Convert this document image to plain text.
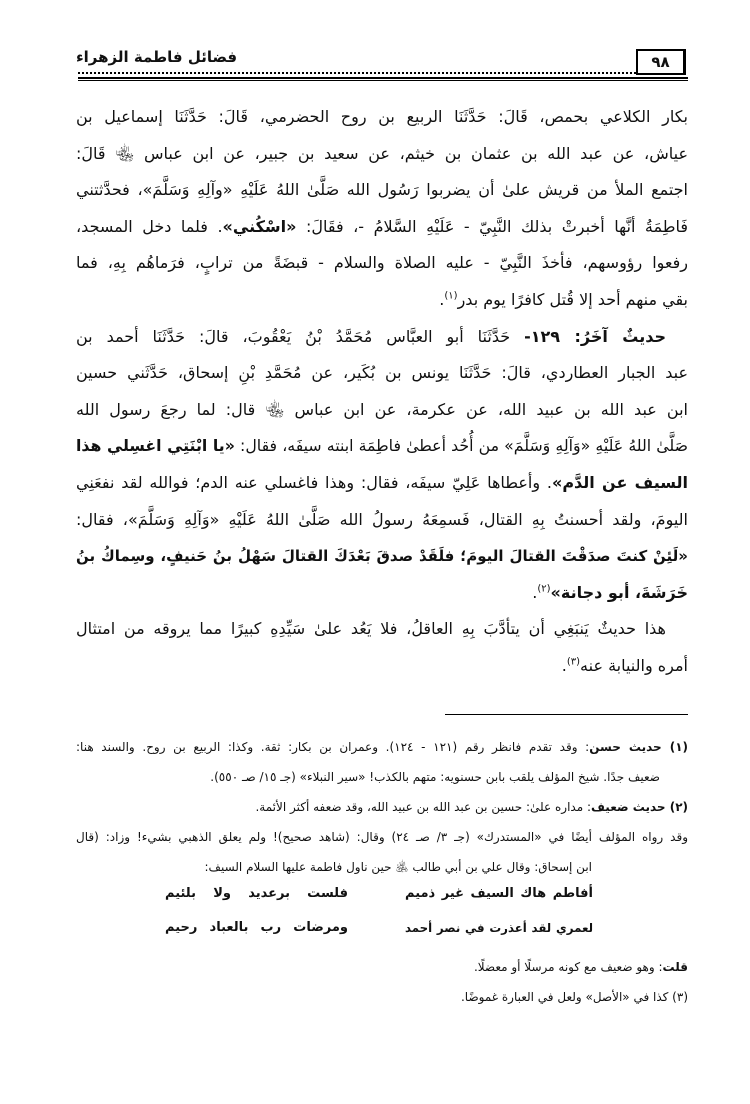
فضائل فاطمة الزهراء	٩٨
بكار الكلاعي بحمص، قَالَ: حَدَّثَنَا الربيع بن روح الحضرمي، قَالَ: حَدَّثَنَا إسماعيل بن
عياش، عن عبد الله بن عثمان بن خيثم، عن سعيد بن جبير، عن ابن عباس ﵄ قَالَ:
اجتمع الملأ من قريش علىٰ أن يضربوا رَسُول الله صَلَّىٰ اللهُ عَلَيْهِ «وآلِهِ وَسَلَّمَ»، فحدَّثتني
فَاطِمَةُ أنَّها أخبرتْ بذلك النَّبِيّ - عَلَيْهِ السَّلامُ -، فقَالَ: «اسْكُني». فلما دخل المسجد،
رفعوا رؤوسهم، فأخذَ النَّبِيّ - عليه الصلاة والسلام - قبضَةً من ترابٍ، فرَماهُم بِهِ، فما
بقي منهم أحد إلا قُتل كافرًا يوم بدر$^{(١)}$.
حديثٌ آخَرُ: ١٢٩- حَدَّثَنَا أبو العبَّاس مُحَمَّدُ بْنُ يَعْقُوبَ، قالَ: حَدَّثَنَا أحمد بن
عبد الجبار العطاردي، قالَ: حَدَّثَنَا يونس بن بُكَير، عن مُحَمَّدِ بْنِ إسحاق، حَدَّثَني حسين
ابن عبد الله بن عبيد الله، عن عكرمة، عن ابن عباس ﵄ قال: لما رجعَ رسول الله
صَلَّىٰ اللهُ عَلَيْهِ «وَآلِهِ وَسَلَّمَ» من أُحُد أعطىٰ فاطِمَة ابنته سيفَه، فقال: «يا ابْنَتِي اغسِلي هذا
السيف عن الدَّم». وأعطاها عَلِيّ سيفَه، فقال: وهذا فاغسلي عنه الدم؛ فوالله لقد نفعَنِي
اليومَ، ولقد أحسنتُ بِهِ القتال، فَسمِعَهُ رسولُ الله صَلَّىٰ اللهُ عَلَيْهِ «وَآلِهِ وَسَلَّمَ»، فقال:
«لَئِنْ كنتَ صدَقْتَ القتالَ اليومَ؛ فلَقَدْ صدقَ بَعْدَكَ القتالَ سَهْلُ بنُ حَنيفٍ، وسِماكُ بنُ
خَرَشَةَ، أبو دجانة»$^{(٢)}$.
هذا حديثٌ يَنبَغِي أن يتأدَّبَ بِهِ العاقلُ، فلا يَعُد علىٰ سَيِّدِهِ كبيرًا مما يروقه من امتثال
أمره والنيابة عنه$^{(٣)}$.
(١) حديث حسن: وقد تقدم فانظر رقم (١٢١ - ١٢٤). وعمران بن بكار: ثقة. وكذا: الربيع بن روح. والسند هنا:
ضعيف جدًا. شيخ المؤلف يلقب بابن حسنويه: متهم بالكذب! «سير النبلاء» (جـ ١٥/ صـ ٥٥٠).
(٢) حديث ضعيف: مداره علىٰ: حسين بن عبد الله بن عبيد الله، وقد ضعفه أكثر الأئمة.
وقد رواه المؤلف أيضًا في «المستدرك» (جـ ٣/ صـ ٢٤) وقال: (شاهد صحيح)! ولم يعلق الذهبي بشيء! وزاد: (قال
ابن إسحاق: وقال علي بن أبي طالب ﵁ حين ناول فاطمة عليها السلام السيف:
قلت: وهو ضعيف مع كونه مرسلًا أو معضلًا.
(٣) كذا في «الأصل» ولعل في العبارة غموضًا.
أفاطم هاك السيف غير ذميم
فلست برعديد ولا بلئيم
لعمري لقد أعذرت في نصر أحمد
ومرضات رب بالعباد رحيم
